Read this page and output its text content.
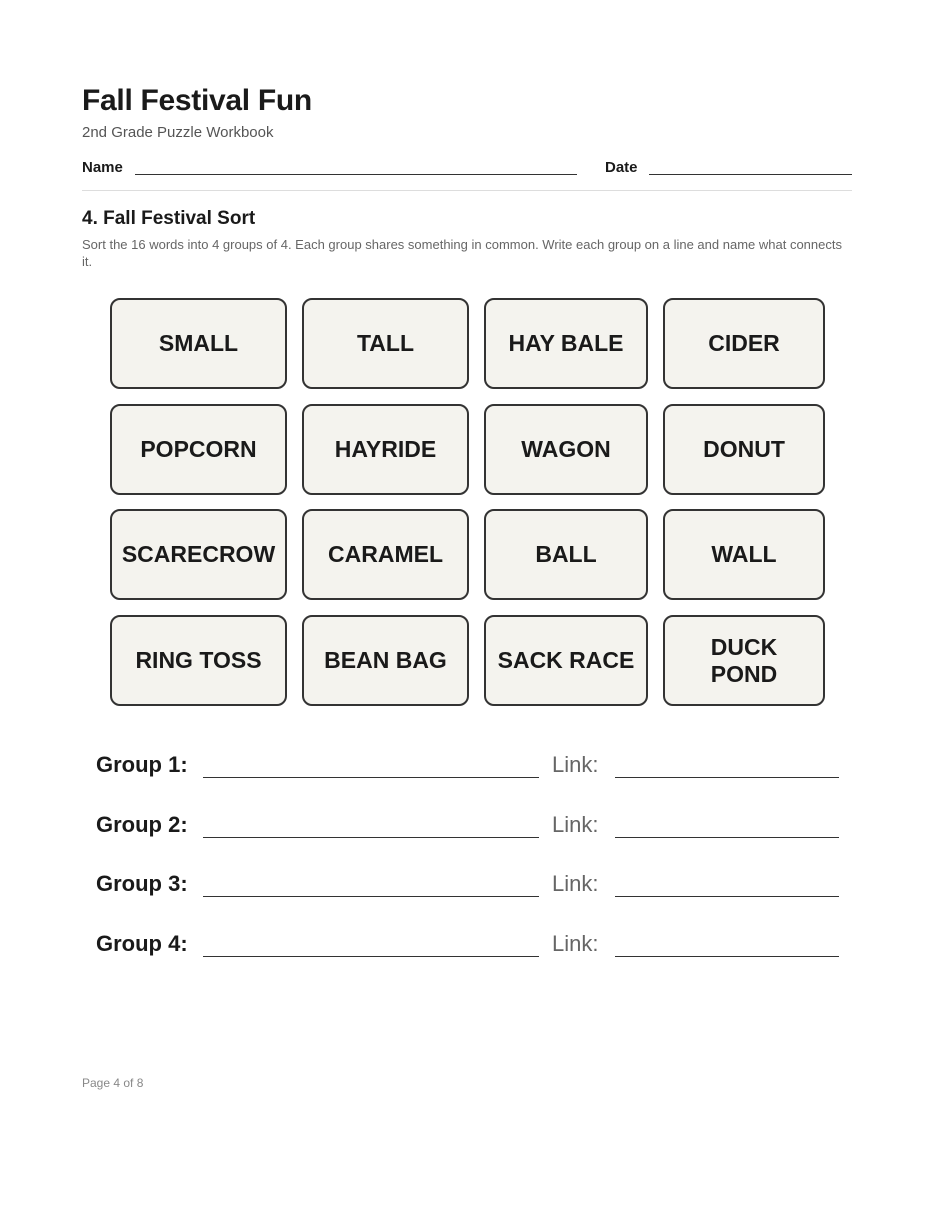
Fall Festival Fun
2nd Grade Puzzle Workbook
Name	Date
4. Fall Festival Sort
Sort the 16 words into 4 groups of 4. Each group shares something in common. Write each group on a line and name what connects it.
SMALL	TALL	HAY BALE	CIDER
POPCORN	HAYRIDE	WAGON	DONUT
SCARECROW CARAMEL	BALL	WALL
RING TOSS	BEAN BAG SACK RACE
DUCK POND
Group 1:	Link:
Group 2:	Link:
Group 3:	Link:
Group 4:	Link:
Page 4 of 8
